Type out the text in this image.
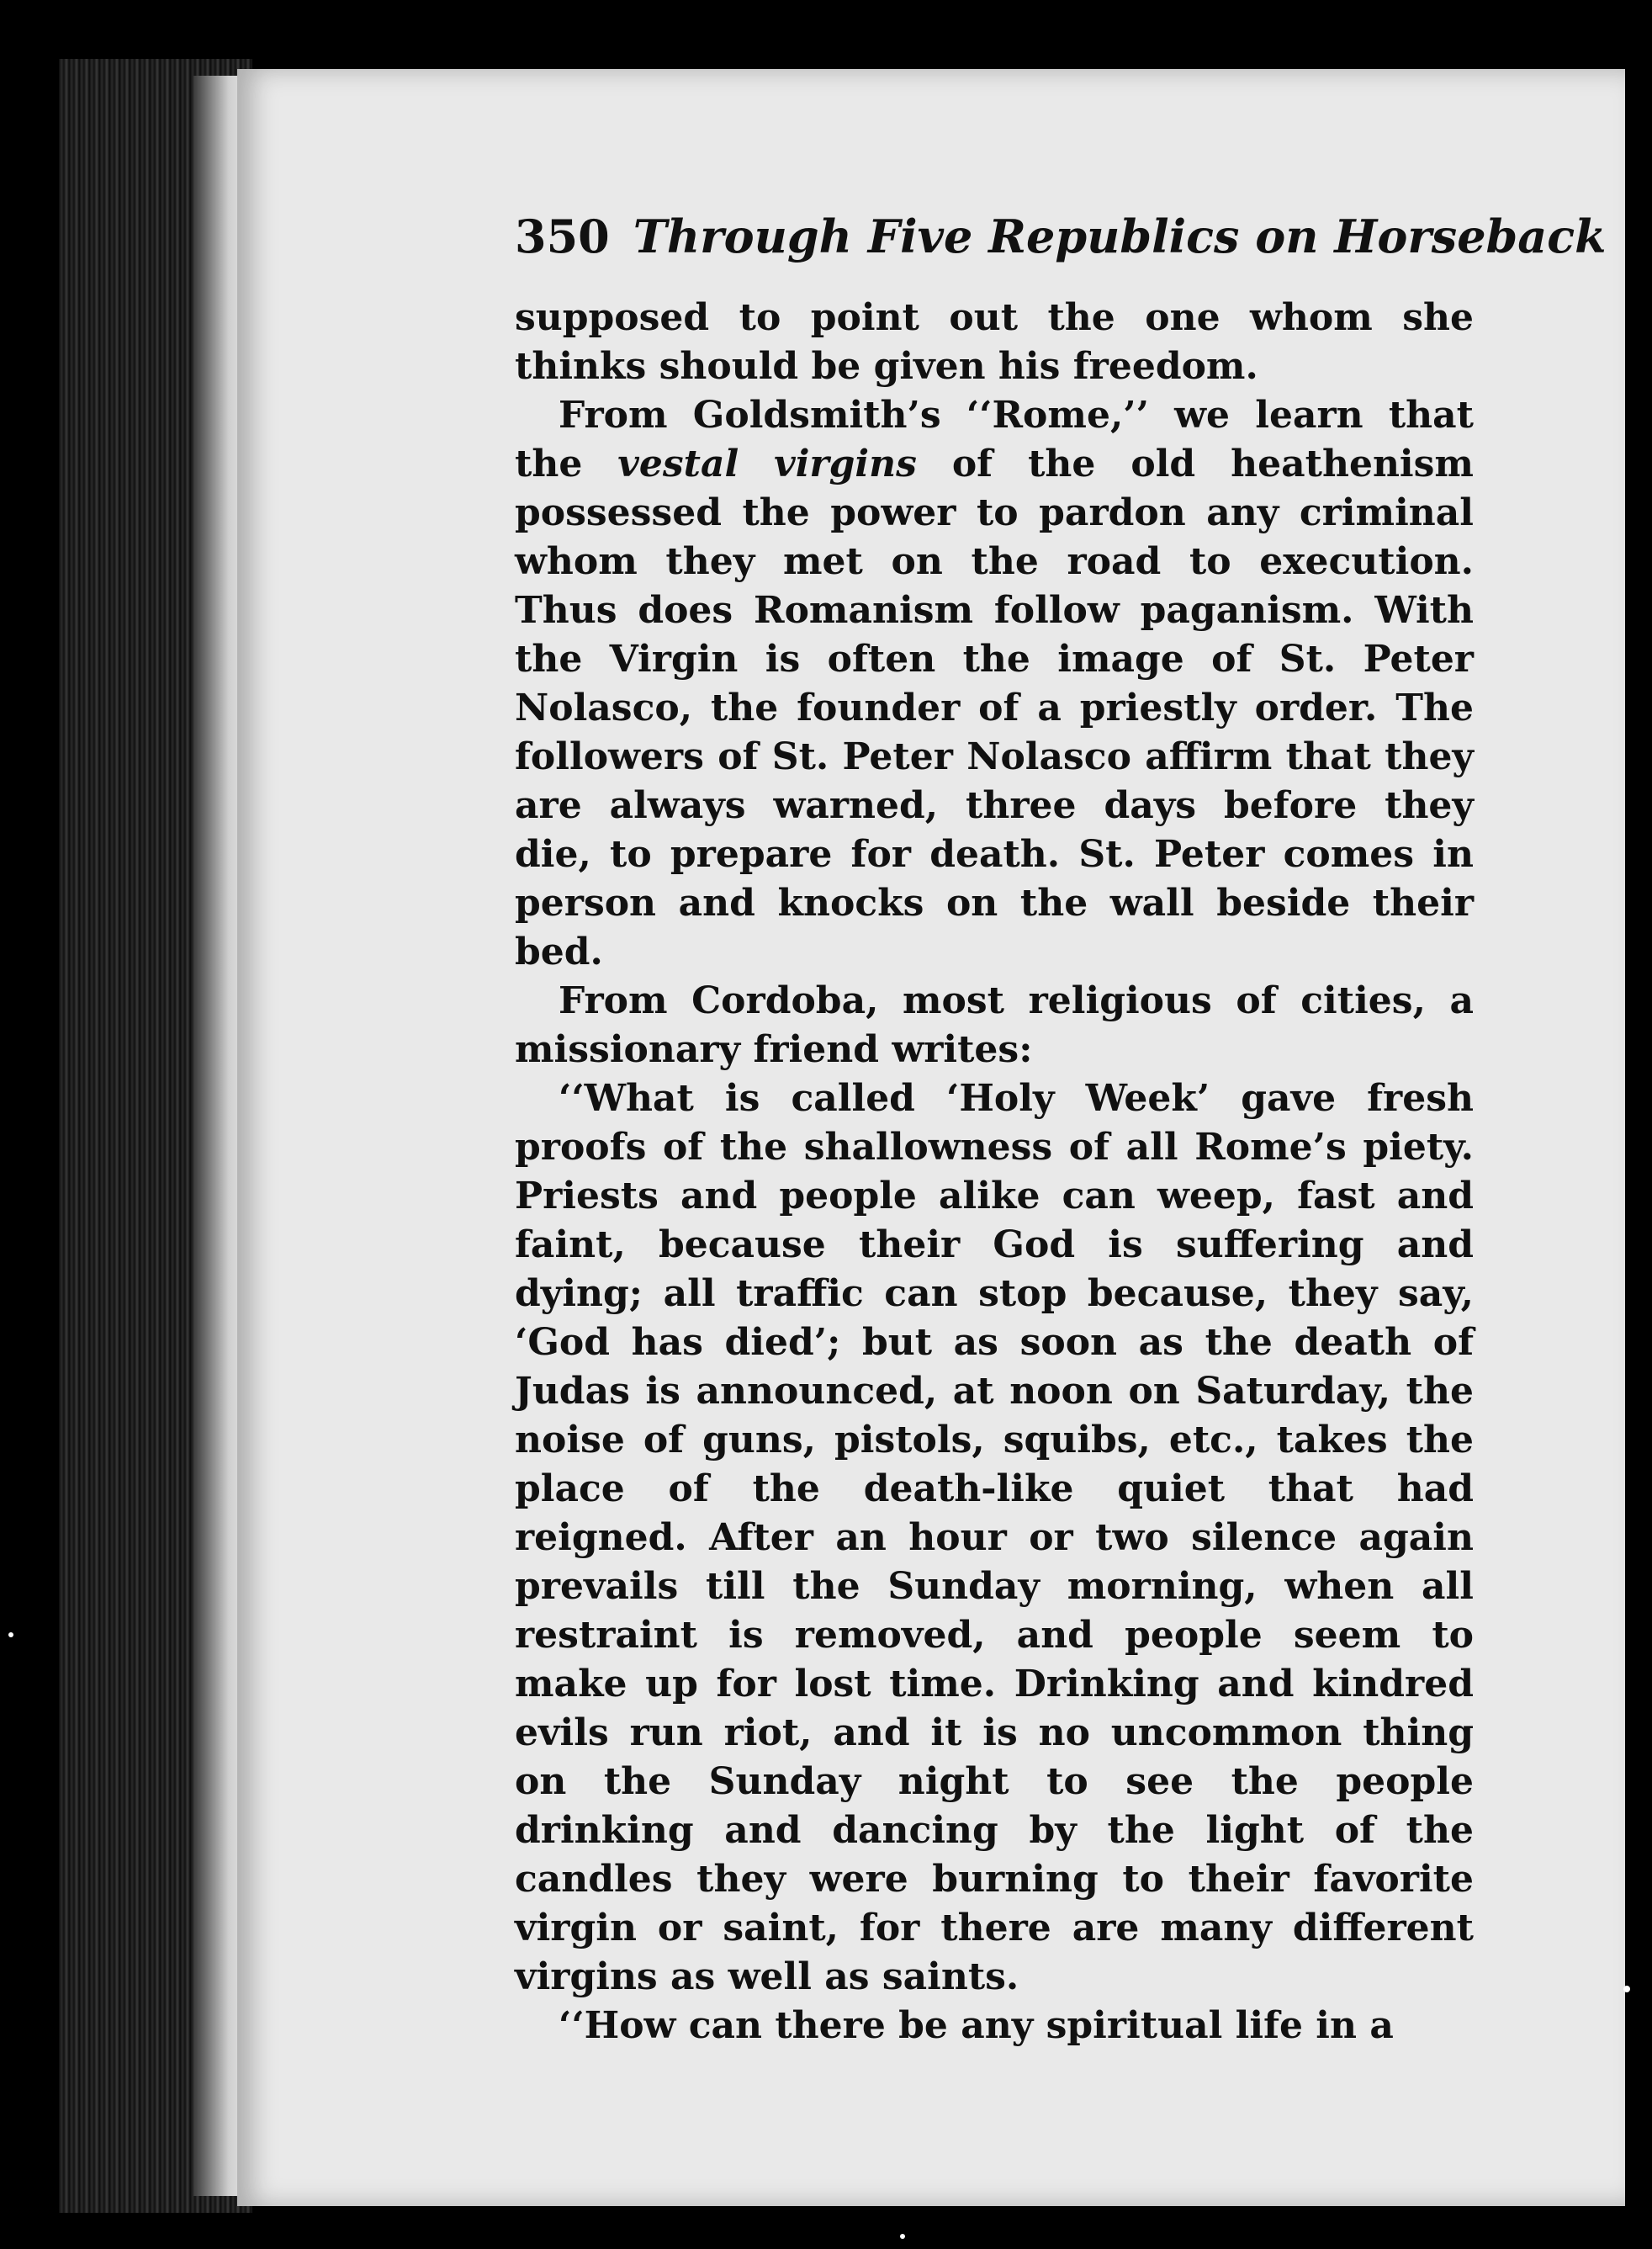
350 Through Five Republics on Horseback

supposed to point out the one whom she thinks should be given his freedom.

From Goldsmith’s ‘‘Rome,’’ we learn that the vestal virgins of the old heathenism possessed the power to pardon any criminal whom they met on the road to execution. Thus does Romanism follow paganism. With the Virgin is often the image of St. Peter Nolasco, the founder of a priestly order. The followers of St. Peter Nolasco affirm that they are always warned, three days before they die, to prepare for death. St. Peter comes in person and knocks on the wall beside their bed.

From Cordoba, most religious of cities, a missionary friend writes:

‘‘What is called ‘Holy Week’ gave fresh proofs of the shallowness of all Rome’s piety. Priests and people alike can weep, fast and faint, because their God is suffering and dying; all traffic can stop because, they say, ‘God has died’; but as soon as the death of Judas is announced, at noon on Saturday, the noise of guns, pistols, squibs, etc., takes the place of the death-like quiet that had reigned. After an hour or two silence again prevails till the Sunday morning, when all restraint is removed, and people seem to make up for lost time. Drinking and kindred evils run riot, and it is no uncommon thing on the Sunday night to see the people drinking and dancing by the light of the candles they were burning to their favorite virgin or saint, for there are many different virgins as well as saints.

‘‘How can there be any spiritual life in a
